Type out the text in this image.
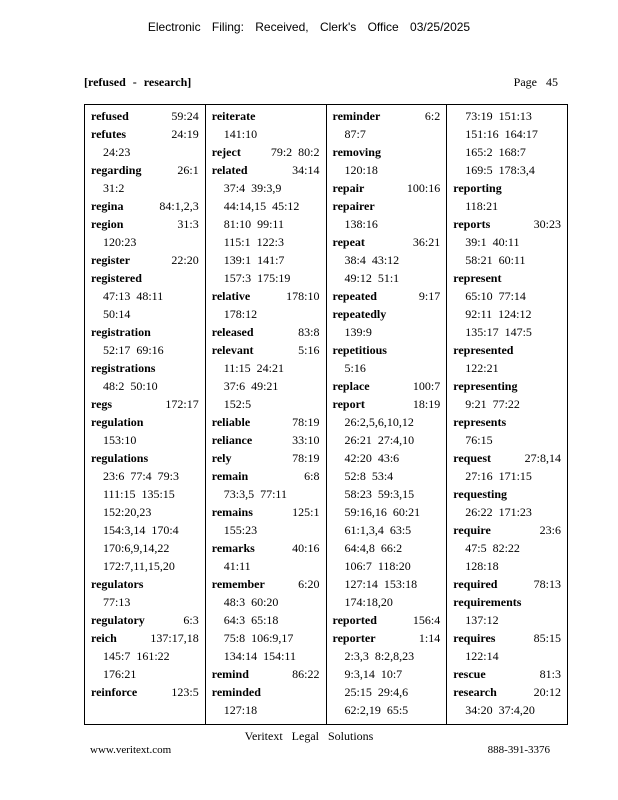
Electronic Filing: Received, Clerk's Office 03/25/2025
[refused - research]	Page 45
refused	59:24
refutes	24:19
24:23
regarding	26:1
31:2
regina	84:1,2,3
region	31:3
120:23
register	22:20
registered
47:13  48:11
50:14
registration
52:17  69:16
registrations
48:2  50:10
regs	172:17
regulation
153:10
regulations
23:6  77:4  79:3
111:15  135:15
152:20,23
154:3,14  170:4
170:6,9,14,22
172:7,11,15,20
regulators
77:13
regulatory	6:3
reich	137:17,18
145:7  161:22
176:21
reinforce	123:5
reiterate
141:10
reject 79:2  80:2
related	34:14
37:4  39:3,9
44:14,15  45:12
81:10  99:11
115:1  122:3
139:1  141:7
157:3  175:19
relative	178:10
178:12
released	83:8
relevant	5:16
11:15  24:21
37:6  49:21
152:5
reliable	78:19
reliance	33:10
rely	78:19
remain	6:8
73:3,5  77:11
remains	125:1
155:23
remarks	40:16
41:11
remember	6:20
48:3  60:20
64:3  65:18
75:8  106:9,17
134:14  154:11
remind	86:22
reminded
127:18
reminder	6:2
87:7
removing
120:18
repair	100:16
repairer
138:16
repeat	36:21
38:4  43:12
49:12  51:1
repeated	9:17
repeatedly
139:9
repetitious
5:16
replace	100:7
report	18:19
26:2,5,6,10,12
26:21  27:4,10
42:20  43:6
52:8  53:4
58:23  59:3,15
59:16,16  60:21
61:1,3,4  63:5
64:4,8  66:2
106:7  118:20
127:14  153:18
174:18,20
reported	156:4
reporter	1:14
2:3,3  8:2,8,23
9:3,14  10:7
25:15  29:4,6
62:2,19  65:5
73:19  151:13
151:16  164:17
165:2  168:7
169:5  178:3,4
reporting
118:21
reports	30:23
39:1  40:11
58:21  60:11
represent
65:10  77:14
92:11  124:12
135:17  147:5
represented
122:21
representing
9:21  77:22
represents
76:15
request	27:8,14
27:16  171:15
requesting
26:22  171:23
require	23:6
47:5  82:22
128:18
required	78:13
requirements
137:12
requires	85:15
122:14
rescue	81:3
research	20:12
34:20  37:4,20
Veritext Legal Solutions
www.veritext.com	888-391-3376
